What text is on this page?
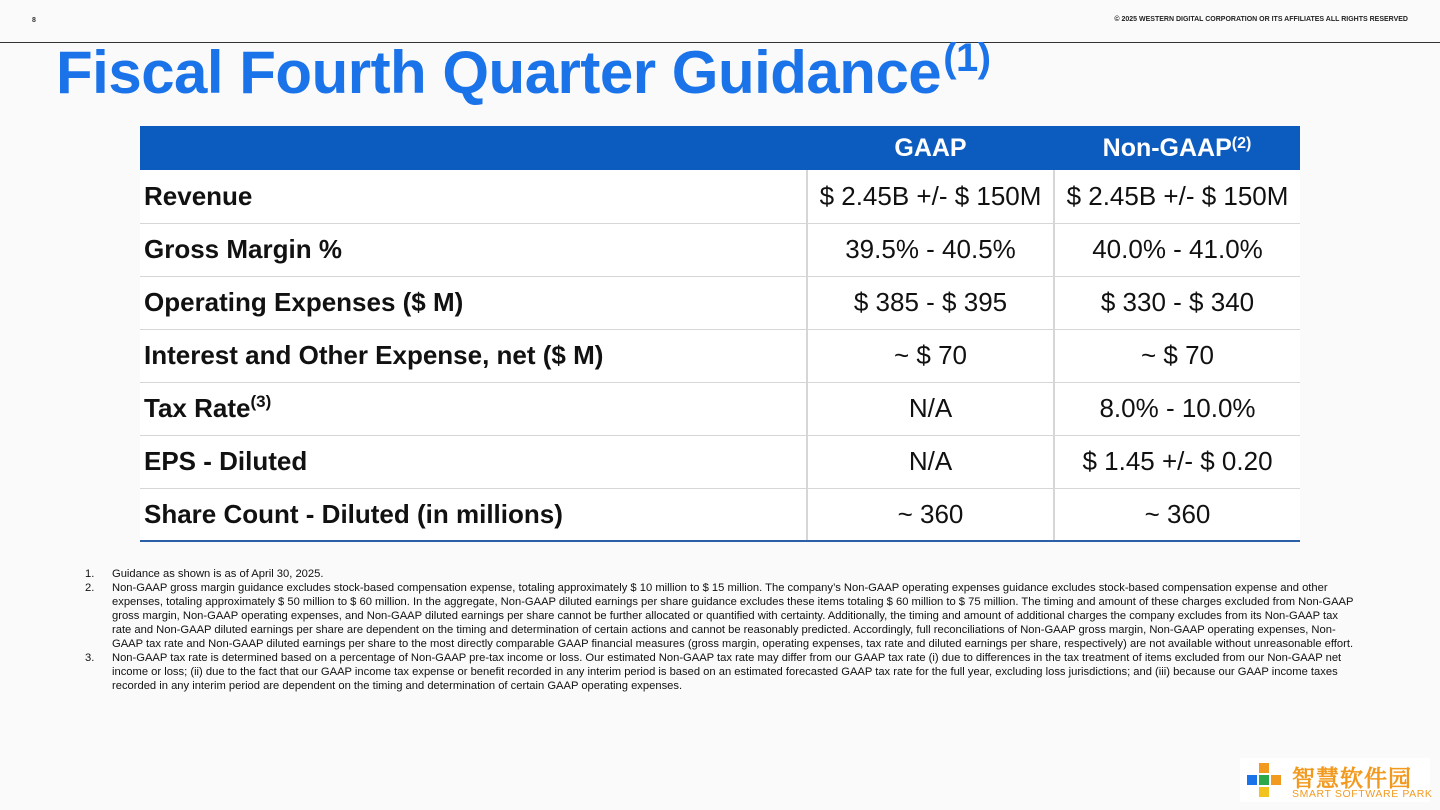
8	© 2025 WESTERN DIGITAL CORPORATION OR ITS AFFILIATES ALL RIGHTS RESERVED
Fiscal Fourth Quarter Guidance$^{(1)}$
	GAAP	Non-GAAP$^{(2)}$
Revenue	$ 2.45B +/- $ 150M	$ 2.45B +/- $ 150M
Gross Margin %	39.5% - 40.5%	40.0% - 41.0%
Operating Expenses ($ M)	$ 385 - $ 395	$ 330 - $ 340
Interest and Other Expense, net ($ M)	~ $ 70	~ $ 70
Tax Rate$^{(3)}$	N/A	8.0% - 10.0%
EPS - Diluted	N/A	$ 1.45 +/- $ 0.20
Share Count - Diluted (in millions)	~ 360	~ 360
1. Guidance as shown is as of April 30, 2025.
2. Non-GAAP gross margin guidance excludes stock-based compensation expense, totaling approximately $ 10 million to $ 15 million. The company’s Non-GAAP operating expenses guidance excludes stock-based compensation expense and other expenses, totaling approximately $ 50 million to $ 60 million. In the aggregate, Non-GAAP diluted earnings per share guidance excludes these items totaling $ 60 million to $ 75 million. The timing and amount of these charges excluded from Non-GAAP gross margin, Non-GAAP operating expenses, and Non-GAAP diluted earnings per share cannot be further allocated or quantified with certainty. Additionally, the timing and amount of additional charges the company excludes from its Non-GAAP tax rate and Non-GAAP diluted earnings per share are dependent on the timing and determination of certain actions and cannot be reasonably predicted. Accordingly, full reconciliations of Non-GAAP gross margin, Non-GAAP operating expenses, Non-GAAP tax rate and Non-GAAP diluted earnings per share to the most directly comparable GAAP financial measures (gross margin, operating expenses, tax rate and diluted earnings per share, respectively) are not available without unreasonable effort.
3. Non-GAAP tax rate is determined based on a percentage of Non-GAAP pre-tax income or loss. Our estimated Non-GAAP tax rate may differ from our GAAP tax rate (i) due to differences in the tax treatment of items excluded from our Non-GAAP net income or loss; (ii) due to the fact that our GAAP income tax expense or benefit recorded in any interim period is based on an estimated forecasted GAAP tax rate for the full year, excluding loss jurisdictions; and (iii) because our GAAP income taxes recorded in any interim period are dependent on the timing and determination of certain GAAP operating expenses.
智慧软件园
SMART SOFTWARE PARK
